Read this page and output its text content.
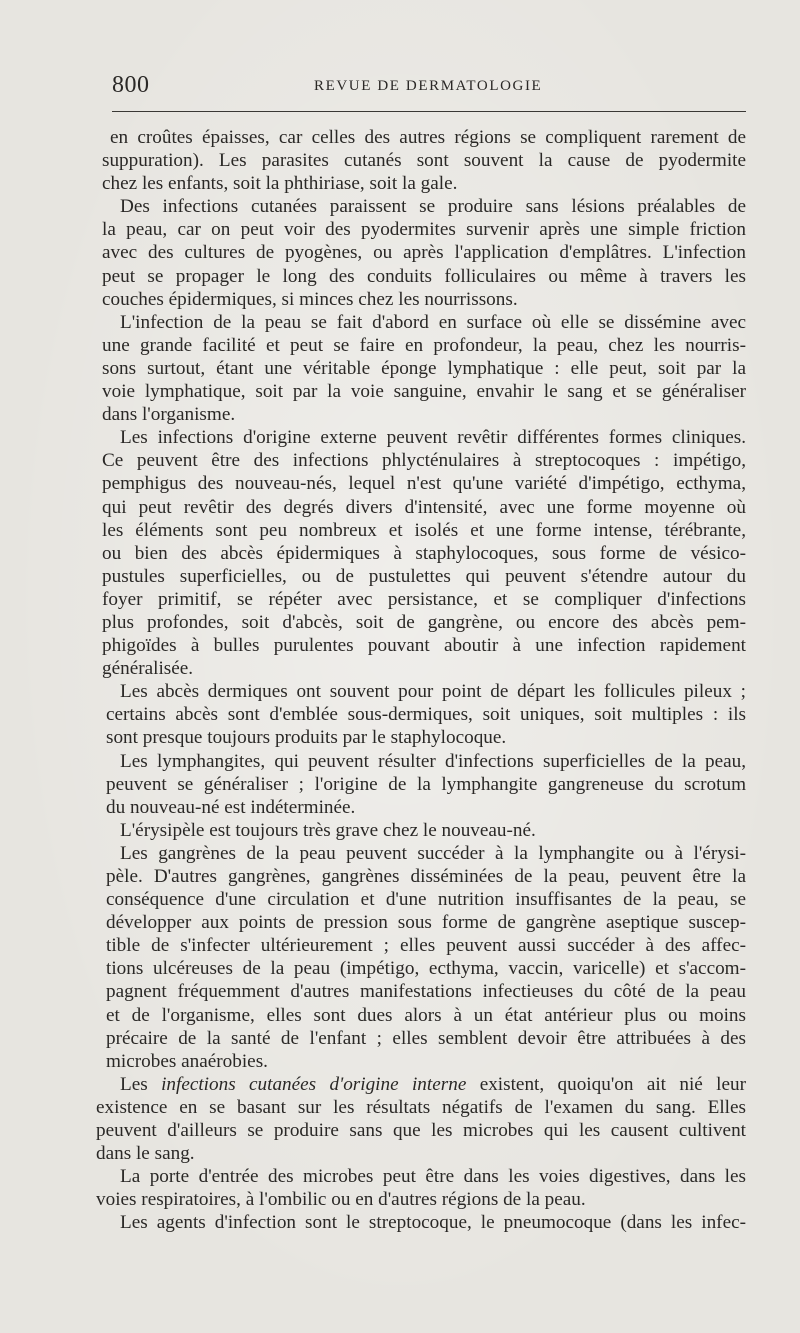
800	REVUE DE DERMATOLOGIE
en croûtes épaisses, car celles des autres régions se compliquent rarement de
suppuration). Les parasites cutanés sont souvent la cause de pyodermite
chez les enfants, soit la phthiriase, soit la gale.
Des infections cutanées paraissent se produire sans lésions préalables de
la peau, car on peut voir des pyodermites survenir après une simple friction
avec des cultures de pyogènes, ou après l'application d'emplâtres. L'infection
peut se propager le long des conduits folliculaires ou même à travers les
couches épidermiques, si minces chez les nourrissons.
L'infection de la peau se fait d'abord en surface où elle se dissémine avec
une grande facilité et peut se faire en profondeur, la peau, chez les nourris-
sons surtout, étant une véritable éponge lymphatique : elle peut, soit par la
voie lymphatique, soit par la voie sanguine, envahir le sang et se généraliser
dans l'organisme.
Les infections d'origine externe peuvent revêtir différentes formes cliniques.
Ce peuvent être des infections phlycténulaires à streptocoques : impétigo,
pemphigus des nouveau-nés, lequel n'est qu'une variété d'impétigo, ecthyma,
qui peut revêtir des degrés divers d'intensité, avec une forme moyenne où
les éléments sont peu nombreux et isolés et une forme intense, térébrante,
ou bien des abcès épidermiques à staphylocoques, sous forme de vésico-
pustules superficielles, ou de pustulettes qui peuvent s'étendre autour du
foyer primitif, se répéter avec persistance, et se compliquer d'infections
plus profondes, soit d'abcès, soit de gangrène, ou encore des abcès pem-
phigoïdes à bulles purulentes pouvant aboutir à une infection rapidement
généralisée.
Les abcès dermiques ont souvent pour point de départ les follicules pileux ;
certains abcès sont d'emblée sous-dermiques, soit uniques, soit multiples : ils
sont presque toujours produits par le staphylocoque.
Les lymphangites, qui peuvent résulter d'infections superficielles de la peau,
peuvent se généraliser ; l'origine de la lymphangite gangreneuse du scrotum
du nouveau-né est indéterminée.
L'érysipèle est toujours très grave chez le nouveau-né.
Les gangrènes de la peau peuvent succéder à la lymphangite ou à l'érysi-
pèle. D'autres gangrènes, gangrènes disséminées de la peau, peuvent être la
conséquence d'une circulation et d'une nutrition insuffisantes de la peau, se
développer aux points de pression sous forme de gangrène aseptique suscep-
tible de s'infecter ultérieurement ; elles peuvent aussi succéder à des affec-
tions ulcéreuses de la peau (impétigo, ecthyma, vaccin, varicelle) et s'accom-
pagnent fréquemment d'autres manifestations infectieuses du côté de la peau
et de l'organisme, elles sont dues alors à un état antérieur plus ou moins
précaire de la santé de l'enfant ; elles semblent devoir être attribuées à des
microbes anaérobies.
Les infections cutanées d'origine interne existent, quoiqu'on ait nié leur
existence en se basant sur les résultats négatifs de l'examen du sang. Elles
peuvent d'ailleurs se produire sans que les microbes qui les causent cultivent
dans le sang.
La porte d'entrée des microbes peut être dans les voies digestives, dans les
voies respiratoires, à l'ombilic ou en d'autres régions de la peau.
Les agents d'infection sont le streptocoque, le pneumocoque (dans les infec-
